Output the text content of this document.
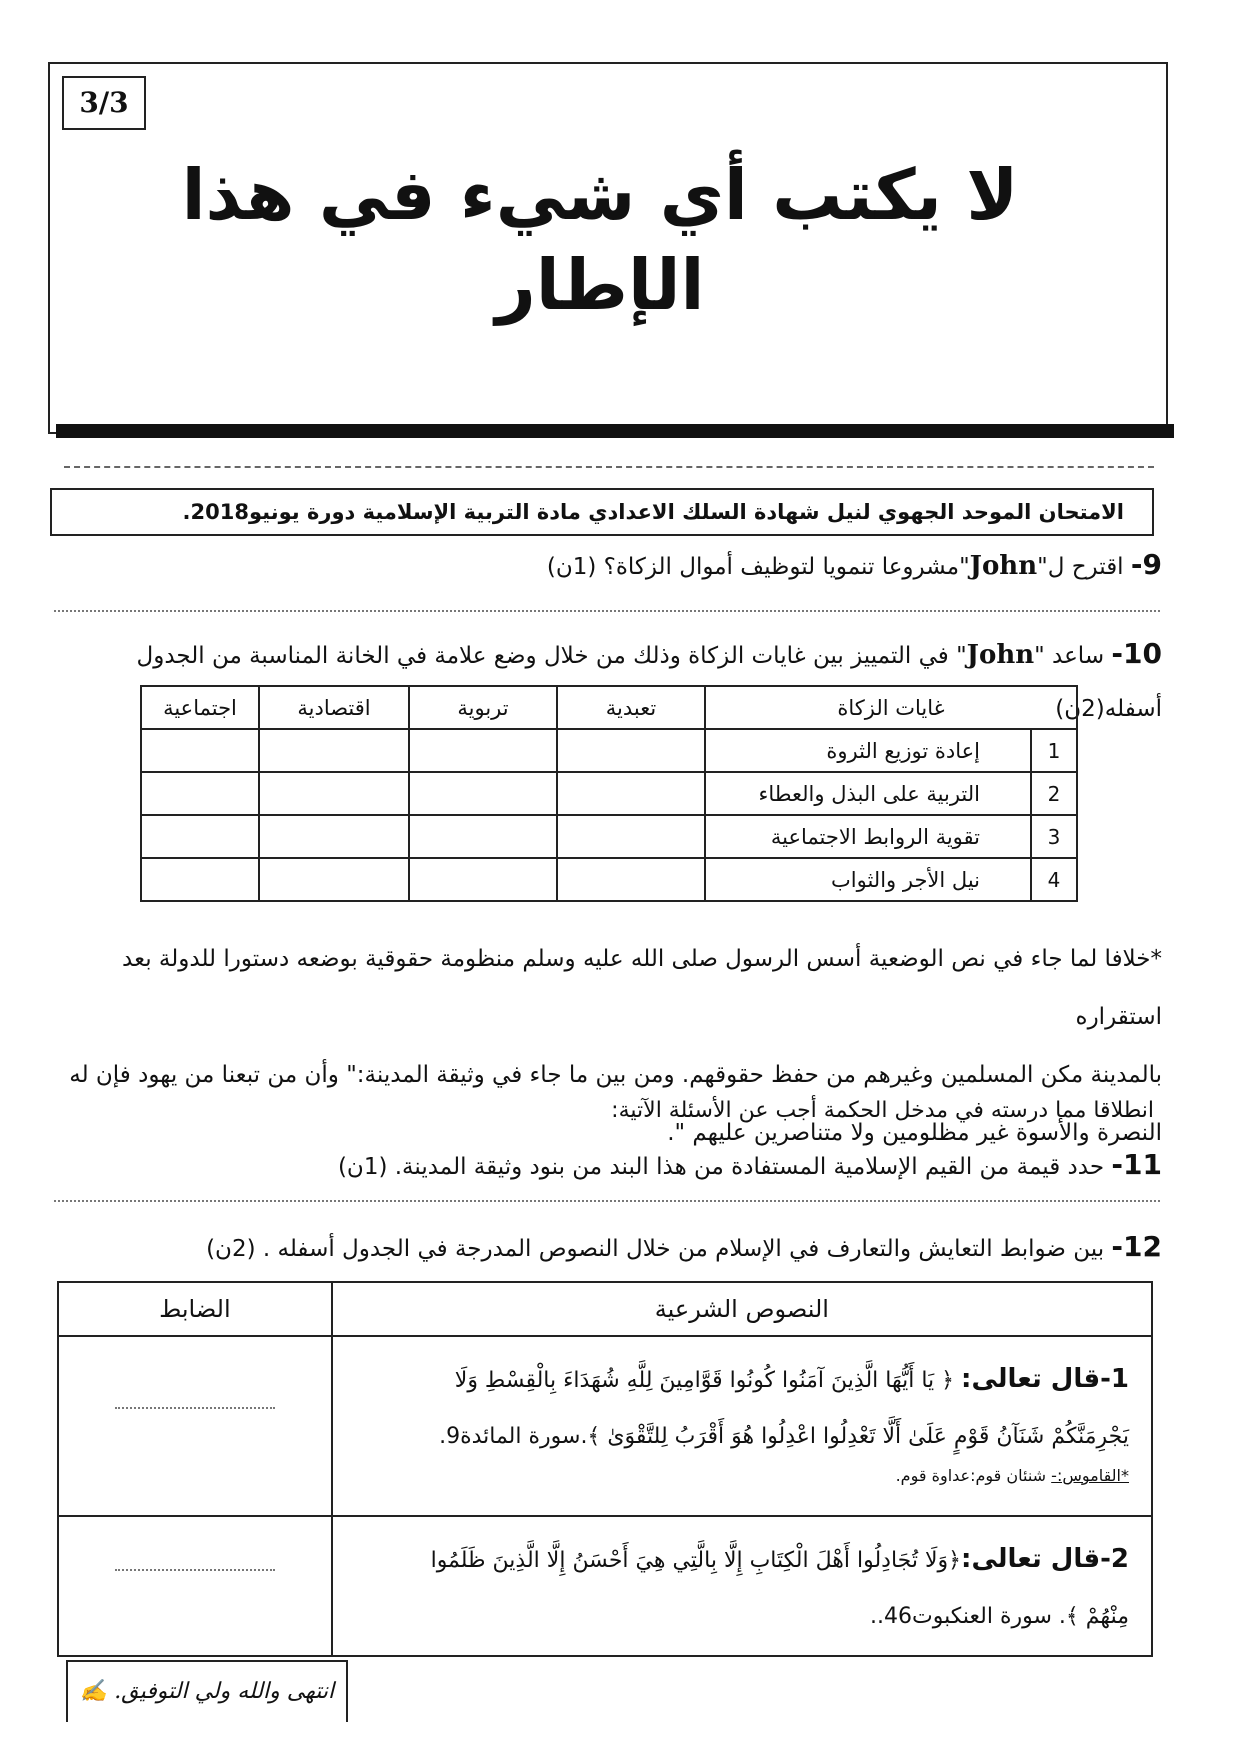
3/3
لا يكتب أي شيء في هذا الإطار
الامتحان الموحد الجهوي لنيل شهادة السلك الاعدادي مادة التربية الإسلامية دورة يونيو2018.
9- اقترح ل"John"مشروعا تنمويا لتوظيف أموال الزكاة؟ (1ن)
10- ساعد "John" في التمييز بين غايات الزكاة وذلك من خلال وضع علامة في الخانة المناسبة من الجدول
أسفله(2ن)
غايات الزكاة		تعبدية	تربوية	اقتصادية	اجتماعية
1	إعادة توزيع الثروة				
2	التربية على البذل والعطاء				
3	تقوية الروابط الاجتماعية				
4	نيل الأجر والثواب				
*خلافا لما جاء في نص الوضعية أسس الرسول صلى الله عليه وسلم منظومة حقوقية بوضعه دستورا للدولة بعد استقراره
بالمدينة مكن المسلمين وغيرهم من حفظ حقوقهم. ومن بين ما جاء في وثيقة المدينة:" وأن من تبعنا من يهود فإن له
النصرة والأسوة غير مظلومين ولا متناصرين عليهم ".
انطلاقا مما درسته في مدخل الحكمة أجب عن الأسئلة الآتية:
11- حدد قيمة من القيم الإسلامية المستفادة من هذا البند من بنود وثيقة المدينة. (1ن)
12- بين ضوابط التعايش والتعارف في الإسلام من خلال النصوص المدرجة في الجدول أسفله . (2ن)
النصوص الشرعية	الضابط

1-قال تعالى: ﴿ يَا أَيُّهَا الَّذِينَ آمَنُوا كُونُوا قَوَّامِينَ لِلَّهِ شُهَدَاءَ بِالْقِسْطِ وَلَا
يَجْرِمَنَّكُمْ شَنَآنُ قَوْمٍ عَلَىٰ أَلَّا تَعْدِلُوا اعْدِلُوا هُوَ أَقْرَبُ لِلتَّقْوَىٰ ﴾.سورة المائدة9.
*القاموس:- شنئان قوم:عداوة قوم.	

2-قال تعالى:﴿وَلَا تُجَادِلُوا أَهْلَ الْكِتَابِ إِلَّا بِالَّتِي هِيَ أَحْسَنُ إِلَّا الَّذِينَ ظَلَمُوا
مِنْهُمْ ﴾. سورة العنكبوت46..	

انتهى والله ولي التوفيق. ✍
